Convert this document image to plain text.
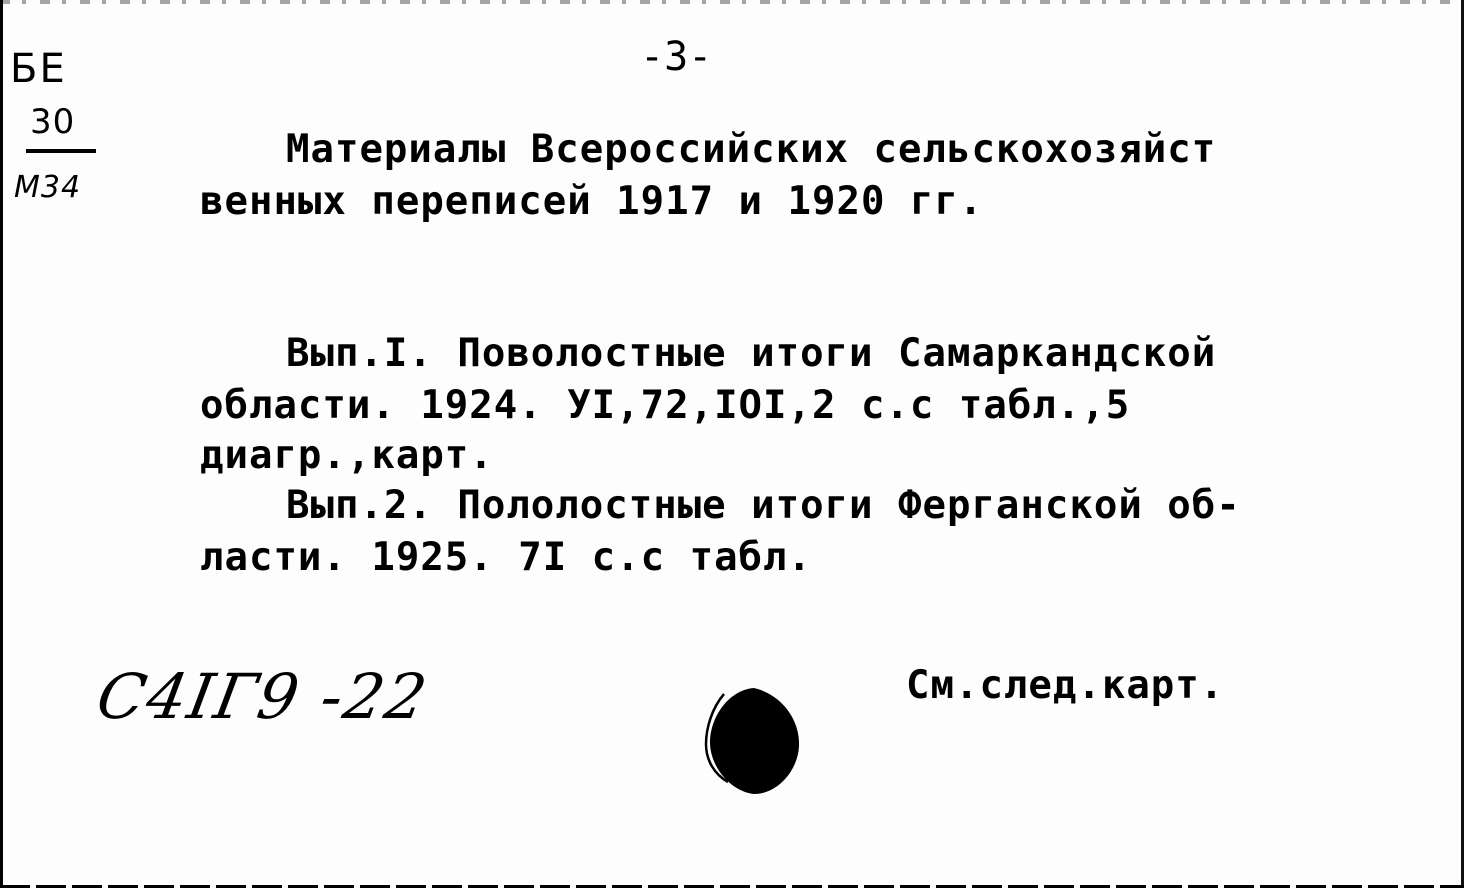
БЕ
30
М34
-3-
Материалы Всероссийских сельскохозяйст
венных переписей 1917 и 1920 гг.
Вып.I. Поволостные итоги Самаркандской
области. 1924. УI,72,IOI,2 с.с табл.,5
диагр.,карт.
Вып.2. Пололостные итоги Ферганской об-
ласти. 1925. 7I с.с табл.
С4IГ9 -22	См.след.карт.
